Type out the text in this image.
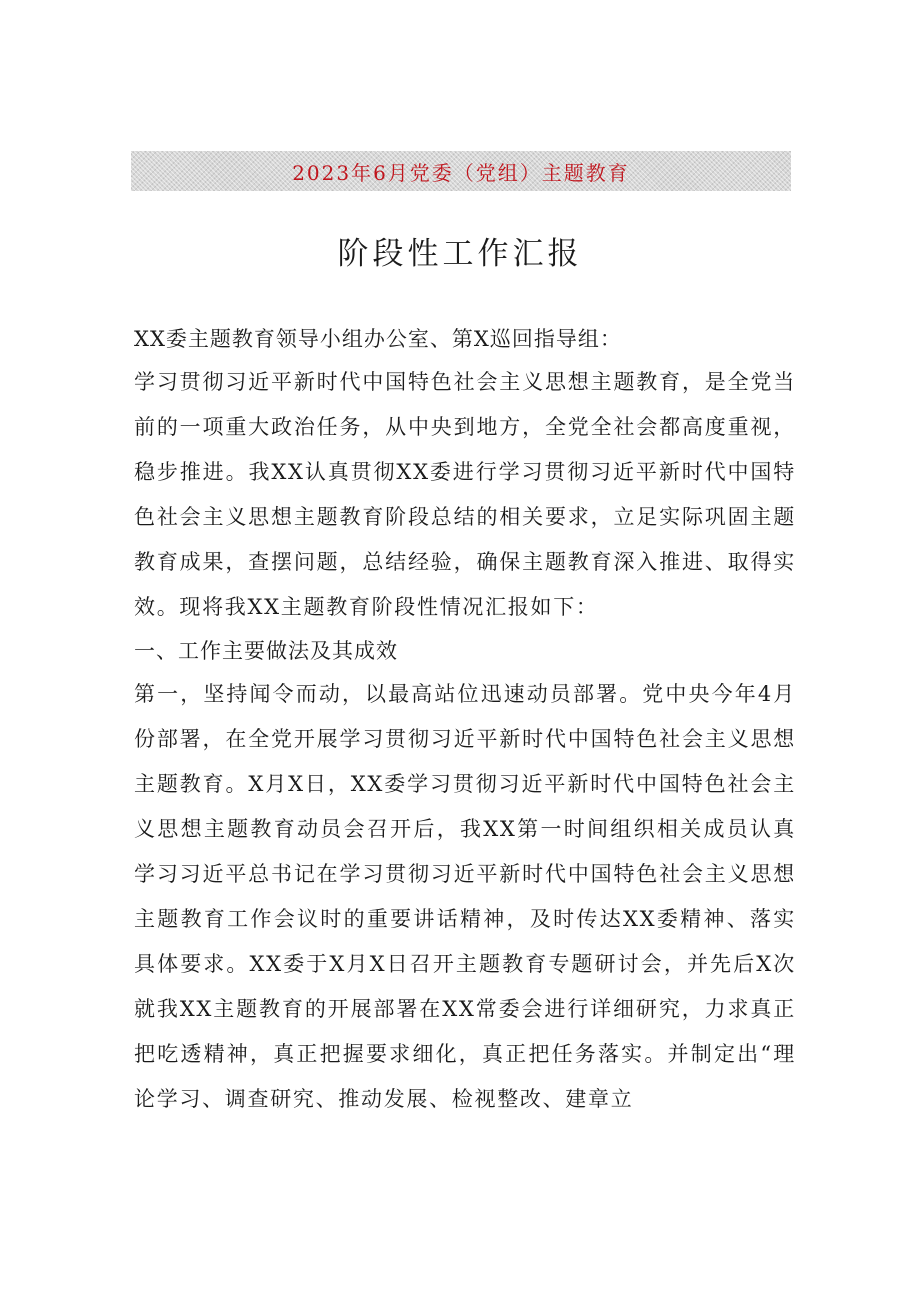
2023年6月党委（党组）主题教育
阶段性工作汇报
XX委主题教育领导小组办公室、第X巡回指导组：

学习贯彻习近平新时代中国特色社会主义思想主题教育，是全党当前的一项重大政治任务，从中央到地方，全党全社会都高度重视，稳步推进。我XX认真贯彻XX委进行学习贯彻习近平新时代中国特色社会主义思想主题教育阶段总结的相关要求，立足实际巩固主题教育成果，查摆问题，总结经验，确保主题教育深入推进、取得实效。现将我XX主题教育阶段性情况汇报如下：

一、工作主要做法及其成效

第一，坚持闻令而动，以最高站位迅速动员部署。党中央今年4月份部署，在全党开展学习贯彻习近平新时代中国特色社会主义思想主题教育。X月X日，XX委学习贯彻习近平新时代中国特色社会主义思想主题教育动员会召开后，我XX第一时间组织相关成员认真学习习近平总书记在学习贯彻习近平新时代中国特色社会主义思想主题教育工作会议时的重要讲话精神，及时传达XX委精神、落实具体要求。XX委于X月X日召开主题教育专题研讨会，并先后X次就我XX主题教育的开展部署在XX常委会进行详细研究，力求真正把吃透精神，真正把握要求细化，真正把任务落实。并制定出“理论学习、调查研究、推动发展、检视整改、建章立
